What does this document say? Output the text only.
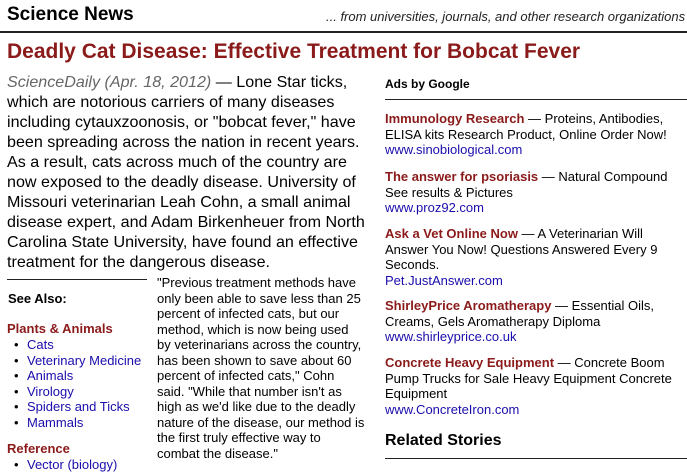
Science News	... from universities, journals, and other research organizations
Deadly Cat Disease: Effective Treatment for Bobcat Fever

ScienceDaily (Apr. 18, 2012) — Lone Star ticks, which are notorious carriers of many diseases including cytauxzoonosis, or "bobcat fever," have been spreading across the nation in recent years. As a result, cats across much of the country are now exposed to the deadly disease. University of Missouri veterinarian Leah Cohn, a small animal disease expert, and Adam Birkenheuer from North Carolina State University, have found an effective treatment for the dangerous disease.

See Also:
Plants & Animals
• Cats
• Veterinary Medicine
• Animals
• Virology
• Spiders and Ticks
• Mammals
Reference
• Vector (biology)

"Previous treatment methods have only been able to save less than 25 percent of infected cats, but our method, which is now being used by veterinarians across the country, has been shown to save about 60 percent of infected cats," Cohn said. "While that number isn't as high as we'd like due to the deadly nature of the disease, our method is the first truly effective way to combat the disease."

Ads by Google
Immunology Research — Proteins, Antibodies, ELISA kits Research Product, Online Order Now!
www.sinobiological.com
The answer for psoriasis — Natural Compound See results & Pictures
www.proz92.com
Ask a Vet Online Now — A Veterinarian Will Answer You Now! Questions Answered Every 9 Seconds.
Pet.JustAnswer.com
ShirleyPrice Aromatherapy — Essential Oils, Creams, Gels Aromatherapy Diploma
www.shirleyprice.co.uk
Concrete Heavy Equipment — Concrete Boom Pump Trucks for Sale Heavy Equipment Concrete Equipment
www.ConcreteIron.com
Related Stories
